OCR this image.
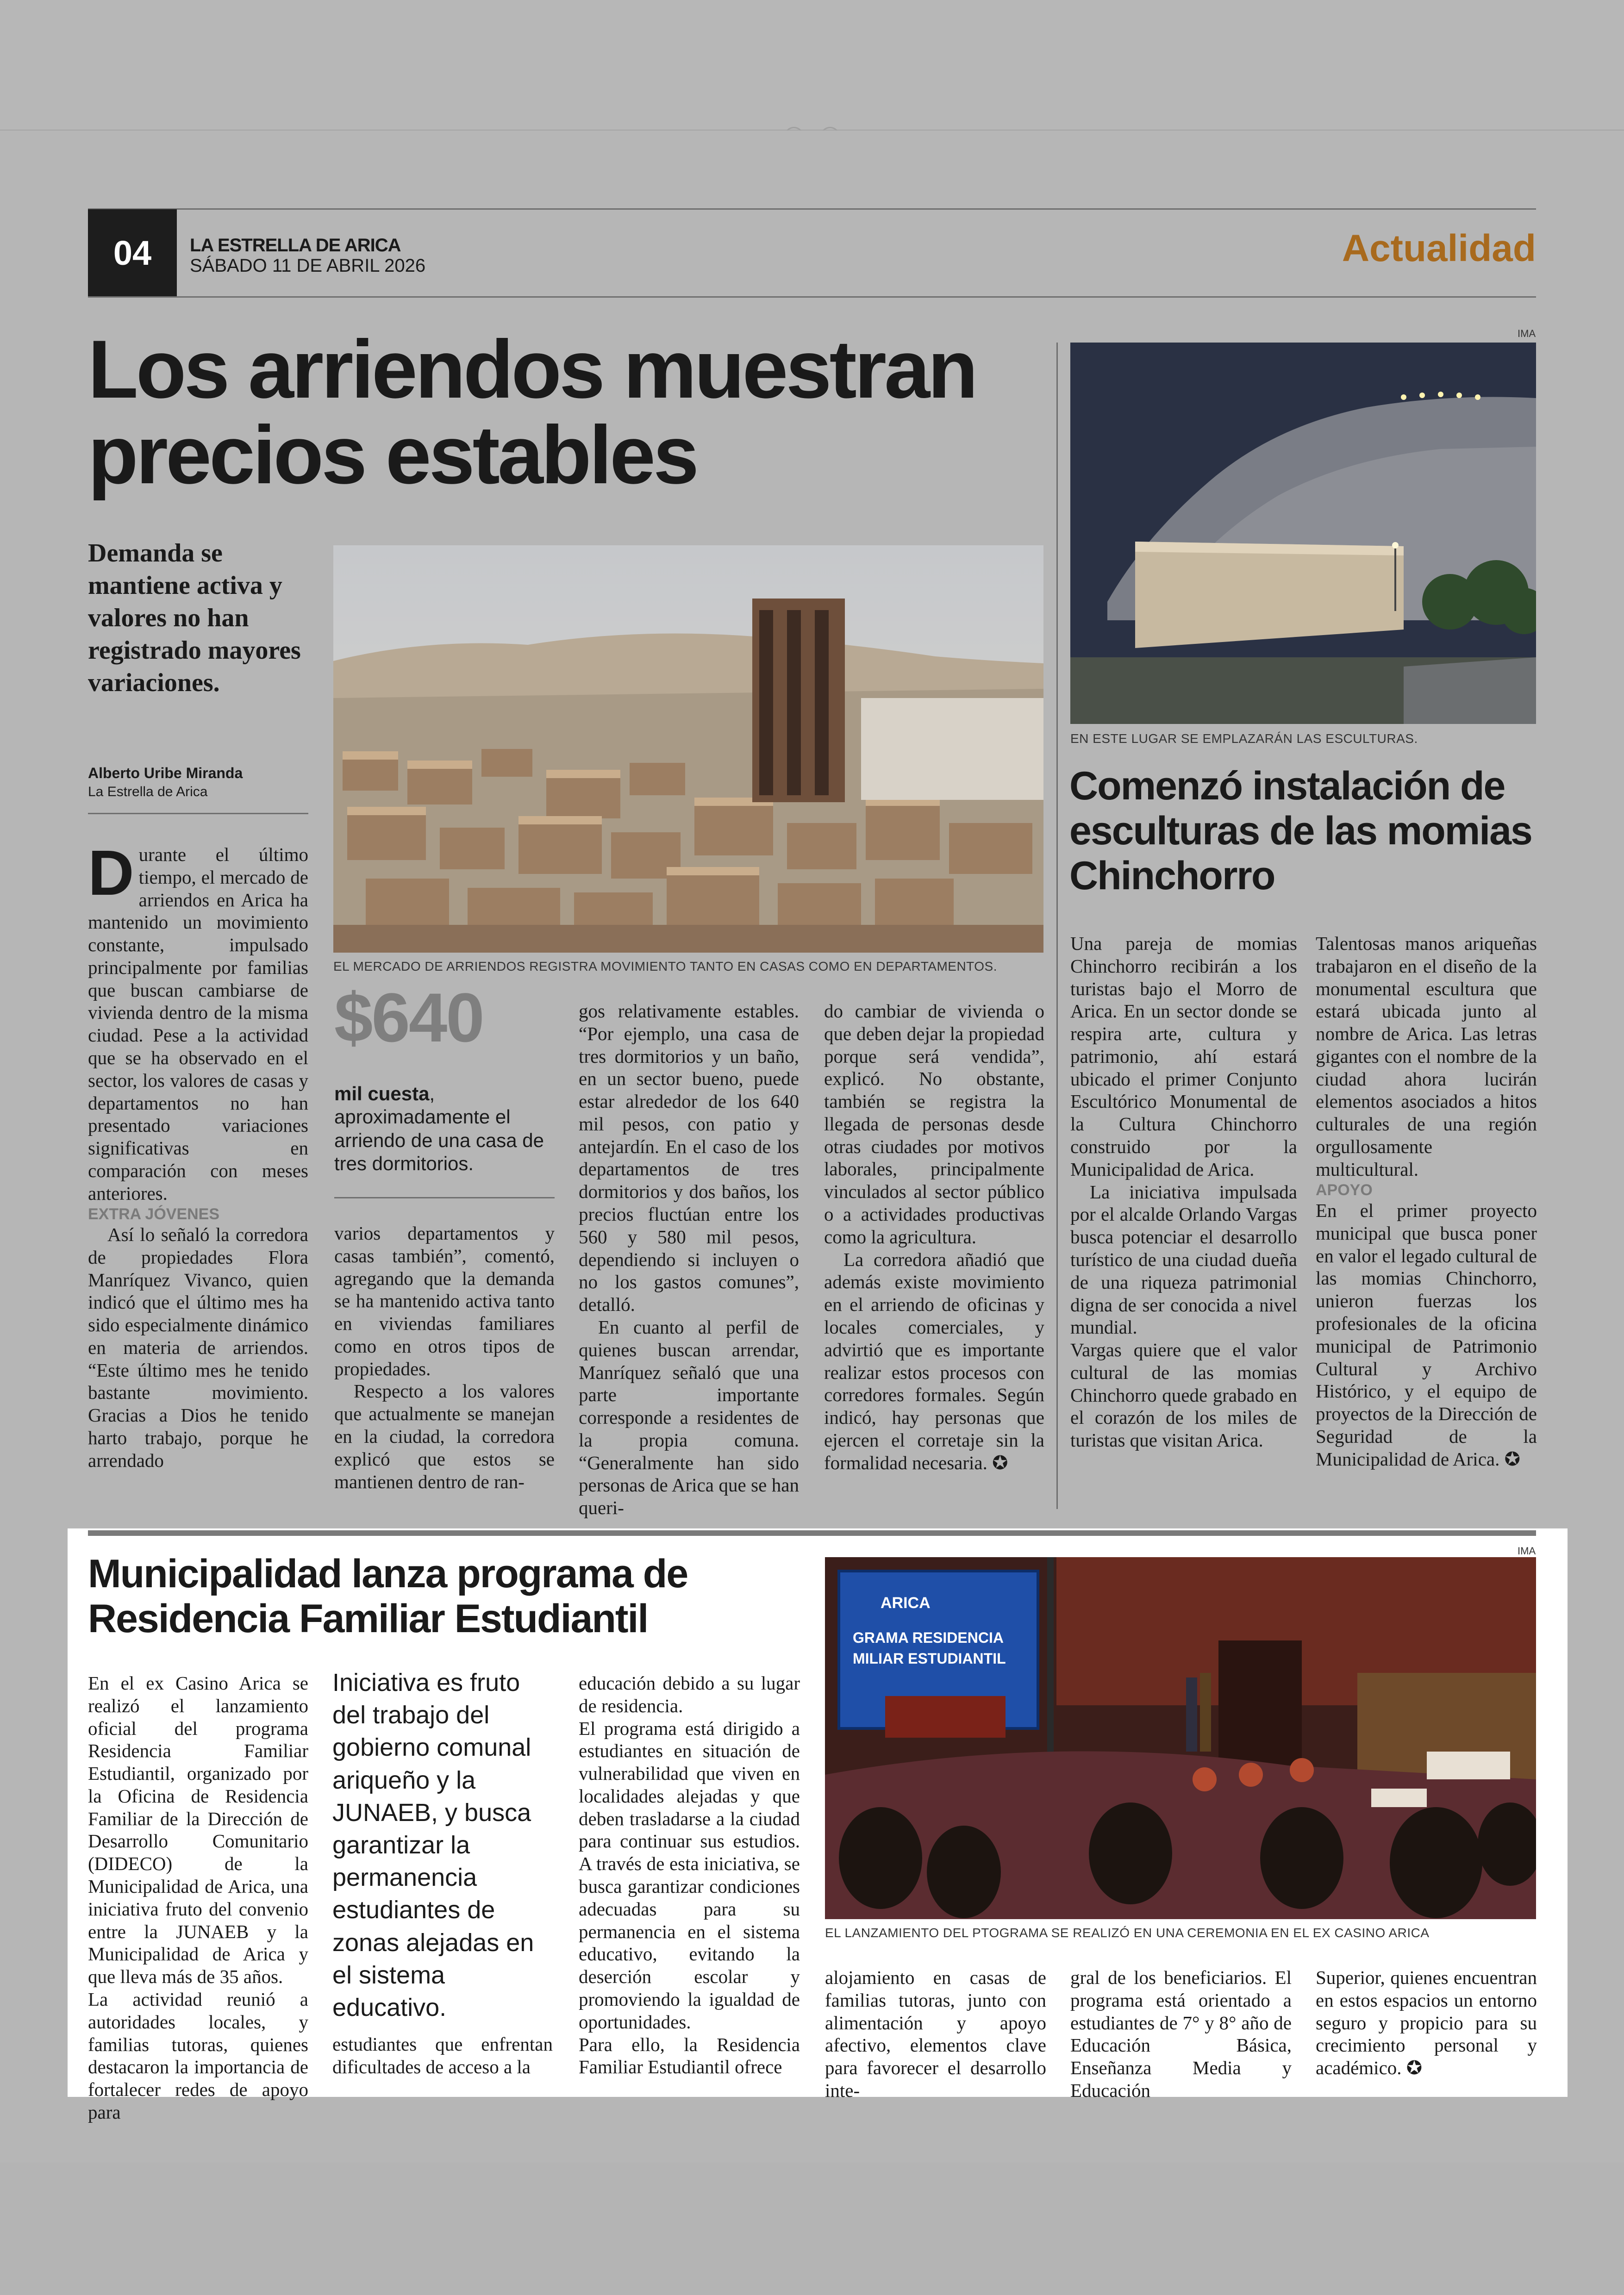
04	LA ESTRELLA DE ARICA
SÁBADO 11 DE ABRIL 2026	Actualidad
Los arriendos muestran precios estables
Demanda se mantiene activa y valores no han registrado mayores variaciones.
Alberto Uribe Miranda
La Estrella de Arica
EL MERCADO DE ARRIENDOS REGISTRA MOVIMIENTO TANTO EN CASAS COMO EN DEPARTAMENTOS.

Durante el último tiempo, el mercado de arriendos en Arica ha mantenido un movimiento constante, impulsado principalmente por familias que buscan cambiarse de vivienda dentro de la misma ciudad. Pese a la actividad que se ha observado en el sector, los valores de casas y departamentos no han presentado variaciones significativas en comparación con meses anteriores.

EXTRA JÓVENES

Así lo señaló la corredora de propiedades Flora Manríquez Vivanco, quien indicó que el último mes ha sido especialmente dinámico en materia de arriendos. “Este último mes he tenido bastante movimiento. Gracias a Dios he tenido harto trabajo, porque he arrendado

$640
mil cuesta, aproximadamente el arriendo de una casa de tres dormitorios.

varios departamentos y casas también”, comentó, agregando que la demanda se ha mantenido activa tanto en viviendas familiares como en otros tipos de propiedades.

Respecto a los valores que actualmente se manejan en la ciudad, la corredora explicó que estos se mantienen dentro de ran-

gos relativamente estables. “Por ejemplo, una casa de tres dormitorios y un baño, en un sector bueno, puede estar alrededor de los 640 mil pesos, con patio y antejardín. En el caso de los departamentos de tres dormitorios y dos baños, los precios fluctúan entre los 560 y 580 mil pesos, dependiendo si incluyen o no los gastos comunes”, detalló.

En cuanto al perfil de quienes buscan arrendar, Manríquez señaló que una parte importante corresponde a residentes de la propia comuna. “Generalmente han sido personas de Arica que se han queri-

do cambiar de vivienda o que deben dejar la propiedad porque será vendida”, explicó. No obstante, también se registra la llegada de personas desde otras ciudades por motivos laborales, principalmente vinculados al sector público o a actividades productivas como la agricultura.

La corredora añadió que además existe movimiento en el arriendo de oficinas y locales comerciales, y advirtió que es importante realizar estos procesos con corredores formales. Según indicó, hay personas que ejercen el corretaje sin la formalidad necesaria. ✪

IMA
EN ESTE LUGAR SE EMPLAZARÁN LAS ESCULTURAS.
Comenzó instalación de esculturas de las momias Chinchorro

Una pareja de momias Chinchorro recibirán a los turistas bajo el Morro de Arica. En un sector donde se respira arte, cultura y patrimonio, ahí estará ubicado el primer Conjunto Escultórico Monumental de la Cultura Chinchorro construido por la Municipalidad de Arica.

La iniciativa impulsada por el alcalde Orlando Vargas busca potenciar el desarrollo turístico de una ciudad dueña de una riqueza patrimonial digna de ser conocida a nivel mundial.

Vargas quiere que el valor cultural de las momias Chinchorro quede grabado en el corazón de los miles de turistas que visitan Arica.

Talentosas manos ariqueñas trabajaron en el diseño de la monumental escultura que estará ubicada junto al nombre de Arica. Las letras gigantes con el nombre de la ciudad ahora lucirán elementos asociados a hitos culturales de una región orgullosamente multicultural.

APOYO

En el primer proyecto municipal que busca poner en valor el legado cultural de las momias Chinchorro, unieron fuerzas los profesionales de la oficina municipal de Patrimonio Cultural y Archivo Histórico, y el equipo de proyectos de la Dirección de Seguridad de la Municipalidad de Arica. ✪

Municipalidad lanza programa de Residencia Familiar Estudiantil
IMA
ARICA
GRAMA RESIDENCIA
MILIAR ESTUDIANTIL
EL LANZAMIENTO DEL PTOGRAMA SE REALIZÓ EN UNA CEREMONIA EN EL EX CASINO ARICA

En el ex Casino Arica se realizó el lanzamiento oficial del programa Residencia Familiar Estudiantil, organizado por la Oficina de Residencia Familiar de la Dirección de Desarrollo Comunitario (DIDECO) de la Municipalidad de Arica, una iniciativa fruto del convenio entre la JUNAEB y la Municipalidad de Arica y que lleva más de 35 años.

La actividad reunió a autoridades locales, y familias tutoras, quienes destacaron la importancia de fortalecer redes de apoyo para

Iniciativa es fruto del trabajo del gobierno comunal ariqueño y la JUNAEB, y busca garantizar la permanencia estudiantes de zonas alejadas en el sistema educativo.

estudiantes que enfrentan dificultades de acceso a la

educación debido a su lugar de residencia.

El programa está dirigido a estudiantes en situación de vulnerabilidad que viven en localidades alejadas y que deben trasladarse a la ciudad para continuar sus estudios. A través de esta iniciativa, se busca garantizar condiciones adecuadas para su permanencia en el sistema educativo, evitando la deserción escolar y promoviendo la igualdad de oportunidades.

Para ello, la Residencia Familiar Estudiantil ofrece

alojamiento en casas de familias tutoras, junto con alimentación y apoyo afectivo, elementos clave para favorecer el desarrollo inte-

gral de los beneficiarios. El programa está orientado a estudiantes de 7° y 8° año de Educación Básica, Enseñanza Media y Educación

Superior, quienes encuentran en estos espacios un entorno seguro y propicio para su crecimiento personal y académico. ✪
